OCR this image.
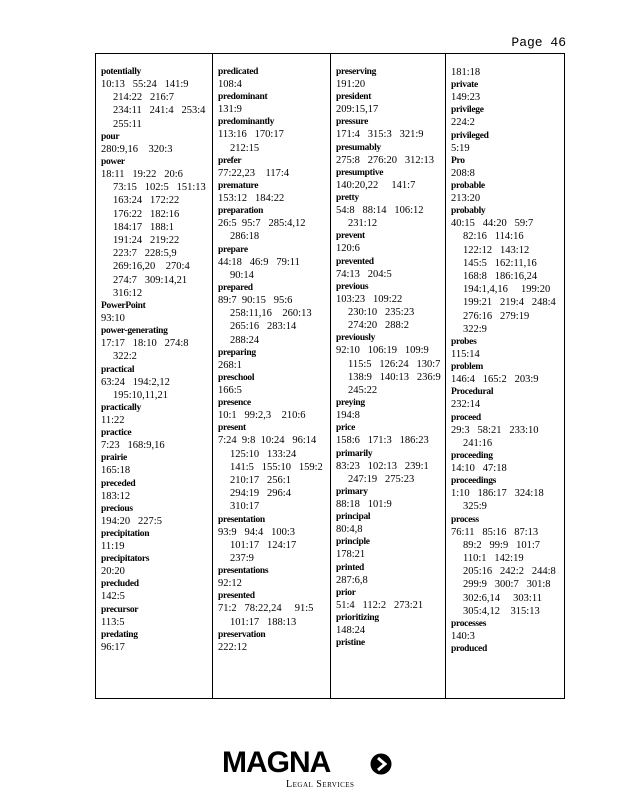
Page 46
potentially
10:13   55:24   141:9
214:22   216:7
234:11   241:4   253:4
255:11
pour
280:9,16    320:3
power
18:11   19:22   20:6
73:15   102:5   151:13
163:24   172:22
176:22   182:16
184:17   188:1
191:24   219:22
223:7   228:5,9
269:16,20    270:4
274:7   309:14,21
316:12
PowerPoint
93:10
power-generating
17:17   18:10   274:8
322:2
practical
63:24   194:2,12
195:10,11,21
practically
11:22
practice
7:23   168:9,16
prairie
165:18
preceded
183:12
precious
194:20   227:5
precipitation
11:19
precipitators
20:20
precluded
142:5
precursor
113:5
predating
96:17
predicated
108:4
predominant
131:9
predominantly
113:16   170:17
212:15
prefer
77:22,23    117:4
premature
153:12   184:22
preparation
26:5  95:7   285:4,12
286:18
prepare
44:18   46:9   79:11
90:14
prepared
89:7  90:15   95:6
258:11,16    260:13
265:16   283:14
288:24
preparing
268:1
preschool
166:5
presence
10:1   99:2,3    210:6
present
7:24  9:8  10:24   96:14
125:10   133:24
141:5   155:10   159:2
210:17   256:1
294:19   296:4
310:17
presentation
93:9   94:4   100:3
101:17   124:17
237:9
presentations
92:12
presented
71:2   78:22,24     91:5
101:17   188:13
preservation
222:12
preserving
191:20
president
209:15,17
pressure
171:4   315:3   321:9
presumably
275:8   276:20   312:13
presumptive
140:20,22     141:7
pretty
54:8   88:14   106:12
231:12
prevent
120:6
prevented
74:13   204:5
previous
103:23   109:22
230:10   235:23
274:20   288:2
previously
92:10   106:19   109:9
115:5   126:24   130:7
138:9   140:13   236:9
245:22
preying
194:8
price
158:6   171:3   186:23
primarily
83:23   102:13   239:1
247:19   275:23
primary
88:18   101:9
principal
80:4,8
principle
178:21
printed
287:6,8
prior
51:4   112:2   273:21
prioritizing
148:24
pristine
181:18
private
149:23
privilege
224:2
privileged
5:19
Pro
208:8
probable
213:20
probably
40:15   44:20   59:7
82:16   114:16
122:12   143:12
145:5   162:11,16
168:8   186:16,24
194:1,4,16     199:20
199:21   219:4   248:4
276:16   279:19
322:9
probes
115:14
problem
146:4   165:2   203:9
Procedural
232:14
proceed
29:3   58:21   233:10
241:16
proceeding
14:10   47:18
proceedings
1:10   186:17   324:18
325:9
process
76:11   85:16   87:13
89:2   99:9   101:7
110:1   142:19
205:16   242:2   244:8
299:9   300:7   301:8
302:6,14     303:11
305:4,12    315:13
processes
140:3
produced
MAGNA
Legal Services
